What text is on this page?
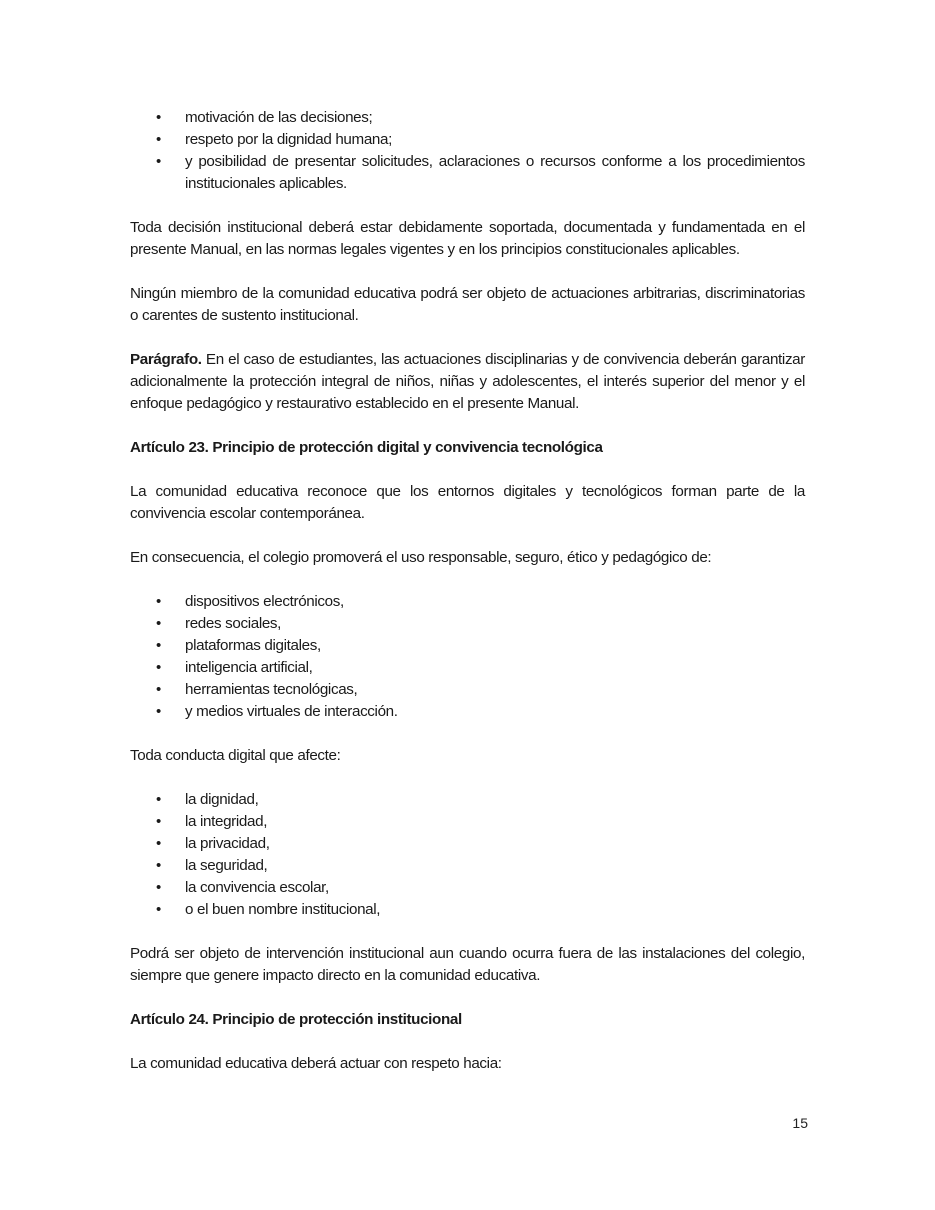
• motivación de las decisiones;
• respeto por la dignidad humana;
• y posibilidad de presentar solicitudes, aclaraciones o recursos conforme a los procedimientos institucionales aplicables.

Toda decisión institucional deberá estar debidamente soportada, documentada y fundamentada en el presente Manual, en las normas legales vigentes y en los principios constitucionales aplicables.

Ningún miembro de la comunidad educativa podrá ser objeto de actuaciones arbitrarias, discriminatorias o carentes de sustento institucional.

Parágrafo. En el caso de estudiantes, las actuaciones disciplinarias y de convivencia deberán garantizar adicionalmente la protección integral de niños, niñas y adolescentes, el interés superior del menor y el enfoque pedagógico y restaurativo establecido en el presente Manual.

Artículo 23. Principio de protección digital y convivencia tecnológica

La comunidad educativa reconoce que los entornos digitales y tecnológicos forman parte de la convivencia escolar contemporánea.

En consecuencia, el colegio promoverá el uso responsable, seguro, ético y pedagógico de:

• dispositivos electrónicos,
• redes sociales,
• plataformas digitales,
• inteligencia artificial,
• herramientas tecnológicas,
• y medios virtuales de interacción.

Toda conducta digital que afecte:

• la dignidad,
• la integridad,
• la privacidad,
• la seguridad,
• la convivencia escolar,
• o el buen nombre institucional,

Podrá ser objeto de intervención institucional aun cuando ocurra fuera de las instalaciones del colegio, siempre que genere impacto directo en la comunidad educativa.

Artículo 24. Principio de protección institucional

La comunidad educativa deberá actuar con respeto hacia:

15
